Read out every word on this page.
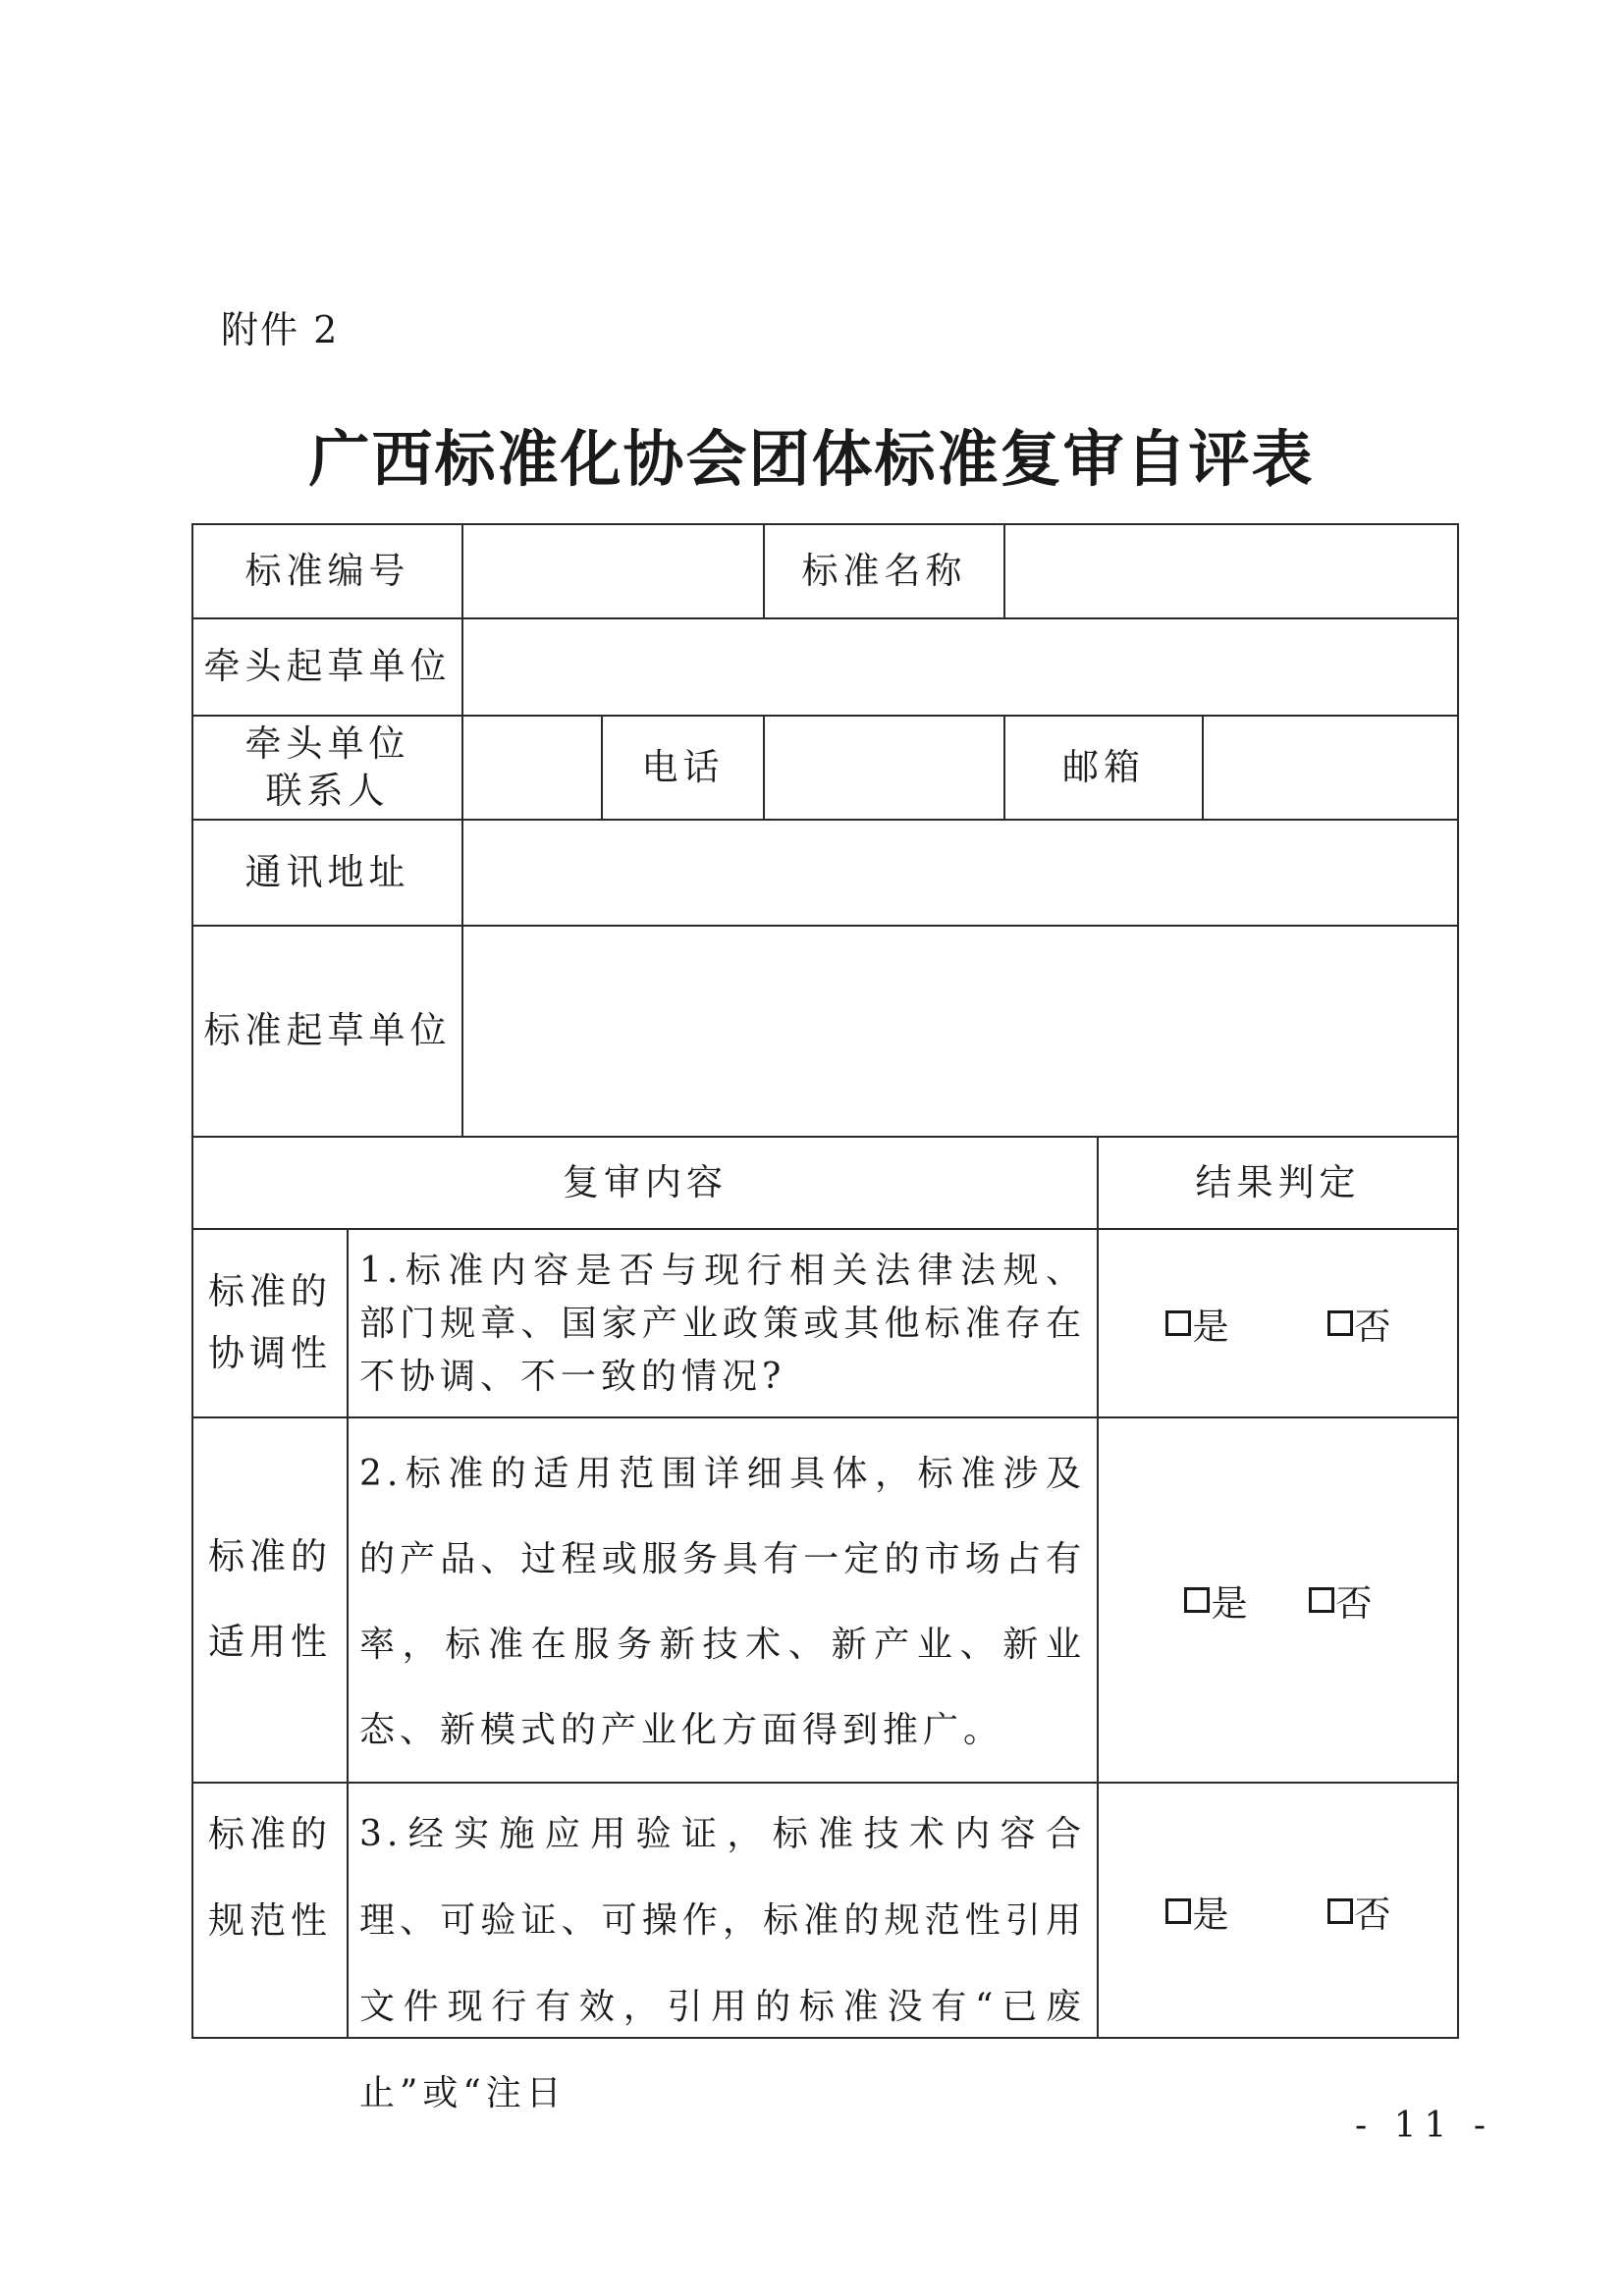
附件 2
广西标准化协会团体标准复审自评表
标准编号	标准名称
牵头起草单位
牵头单位
联系人
电话	邮箱
通讯地址
标准起草单位
复审内容	结果判定
标准的
协调性
1.标准内容是否与现行相关法律法规、部门规章、国家产业政策或其他标准存在不协调、不一致的情况?
是	否
标准的
适用性
2.标准的适用范围详细具体，标准涉及的产品、过程或服务具有一定的市场占有率，标准在服务新技术、新产业、新业态、新模式的产业化方面得到推广。
是 否
标准的
规范性
3.经实施应用验证，标准技术内容合理、可验证、可操作，标准的规范性引用文件现行有效，引用的标准没有“已废止”或“注日
是	否
- 11 -
